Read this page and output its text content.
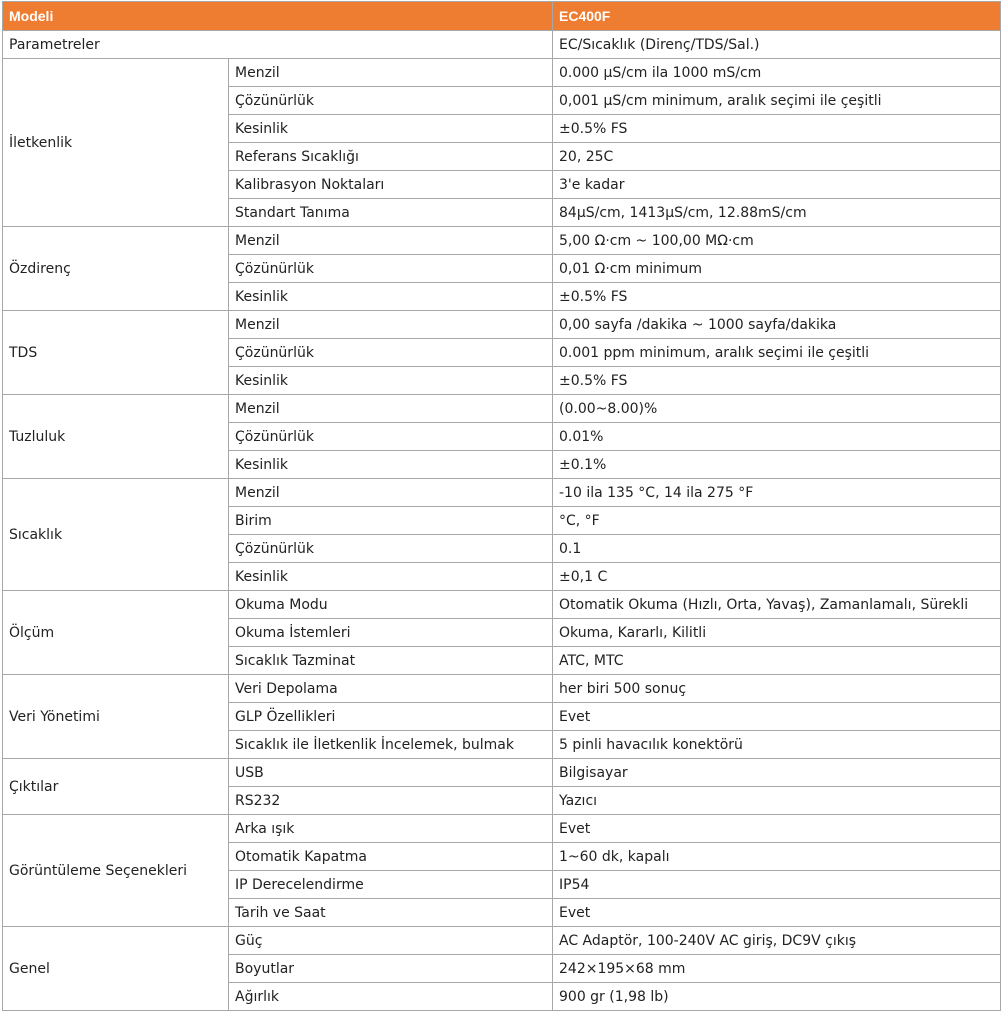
Modeli		EC400F
Parametreler		EC/Sıcaklık (Direnç/TDS/Sal.)
İletkenlik	Menzil	0.000 μS/cm ila 1000 mS/cm
	Çözünürlük	0,001 μS/cm minimum, aralık seçimi ile çeşitli
	Kesinlik	±0.5% FS
	Referans Sıcaklığı	20, 25C
	Kalibrasyon Noktaları	3'e kadar
	Standart Tanıma	84μS/cm, 1413μS/cm, 12.88mS/cm
Özdirenç	Menzil	5,00 Ω·cm ~ 100,00 MΩ·cm
	Çözünürlük	0,01 Ω·cm minimum
	Kesinlik	±0.5% FS
TDS	Menzil	0,00 sayfa /dakika ~ 1000 sayfa/dakika
	Çözünürlük	0.001 ppm minimum, aralık seçimi ile çeşitli
	Kesinlik	±0.5% FS
Tuzluluk	Menzil	(0.00~8.00)%
	Çözünürlük	0.01%
	Kesinlik	±0.1%
Sıcaklık	Menzil	-10 ila 135 °C, 14 ila 275 °F
	Birim	°C, °F
	Çözünürlük	0.1
	Kesinlik	±0,1 C
Ölçüm	Okuma Modu	Otomatik Okuma (Hızlı, Orta, Yavaş), Zamanlamalı, Sürekli
	Okuma İstemleri	Okuma, Kararlı, Kilitli
	Sıcaklık Tazminat	ATC, MTC
Veri Yönetimi	Veri Depolama	her biri 500 sonuç
	GLP Özellikleri	Evet
	Sıcaklık ile İletkenlik İncelemek, bulmak	5 pinli havacılık konektörü
Çıktılar	USB	Bilgisayar
	RS232	Yazıcı
Görüntüleme Seçenekleri	Arka ışık	Evet
	Otomatik Kapatma	1~60 dk, kapalı
	IP Derecelendirme	IP54
	Tarih ve Saat	Evet
Genel	Güç	AC Adaptör, 100-240V AC giriş, DC9V çıkış
	Boyutlar	242×195×68 mm
	Ağırlık	900 gr (1,98 lb)
